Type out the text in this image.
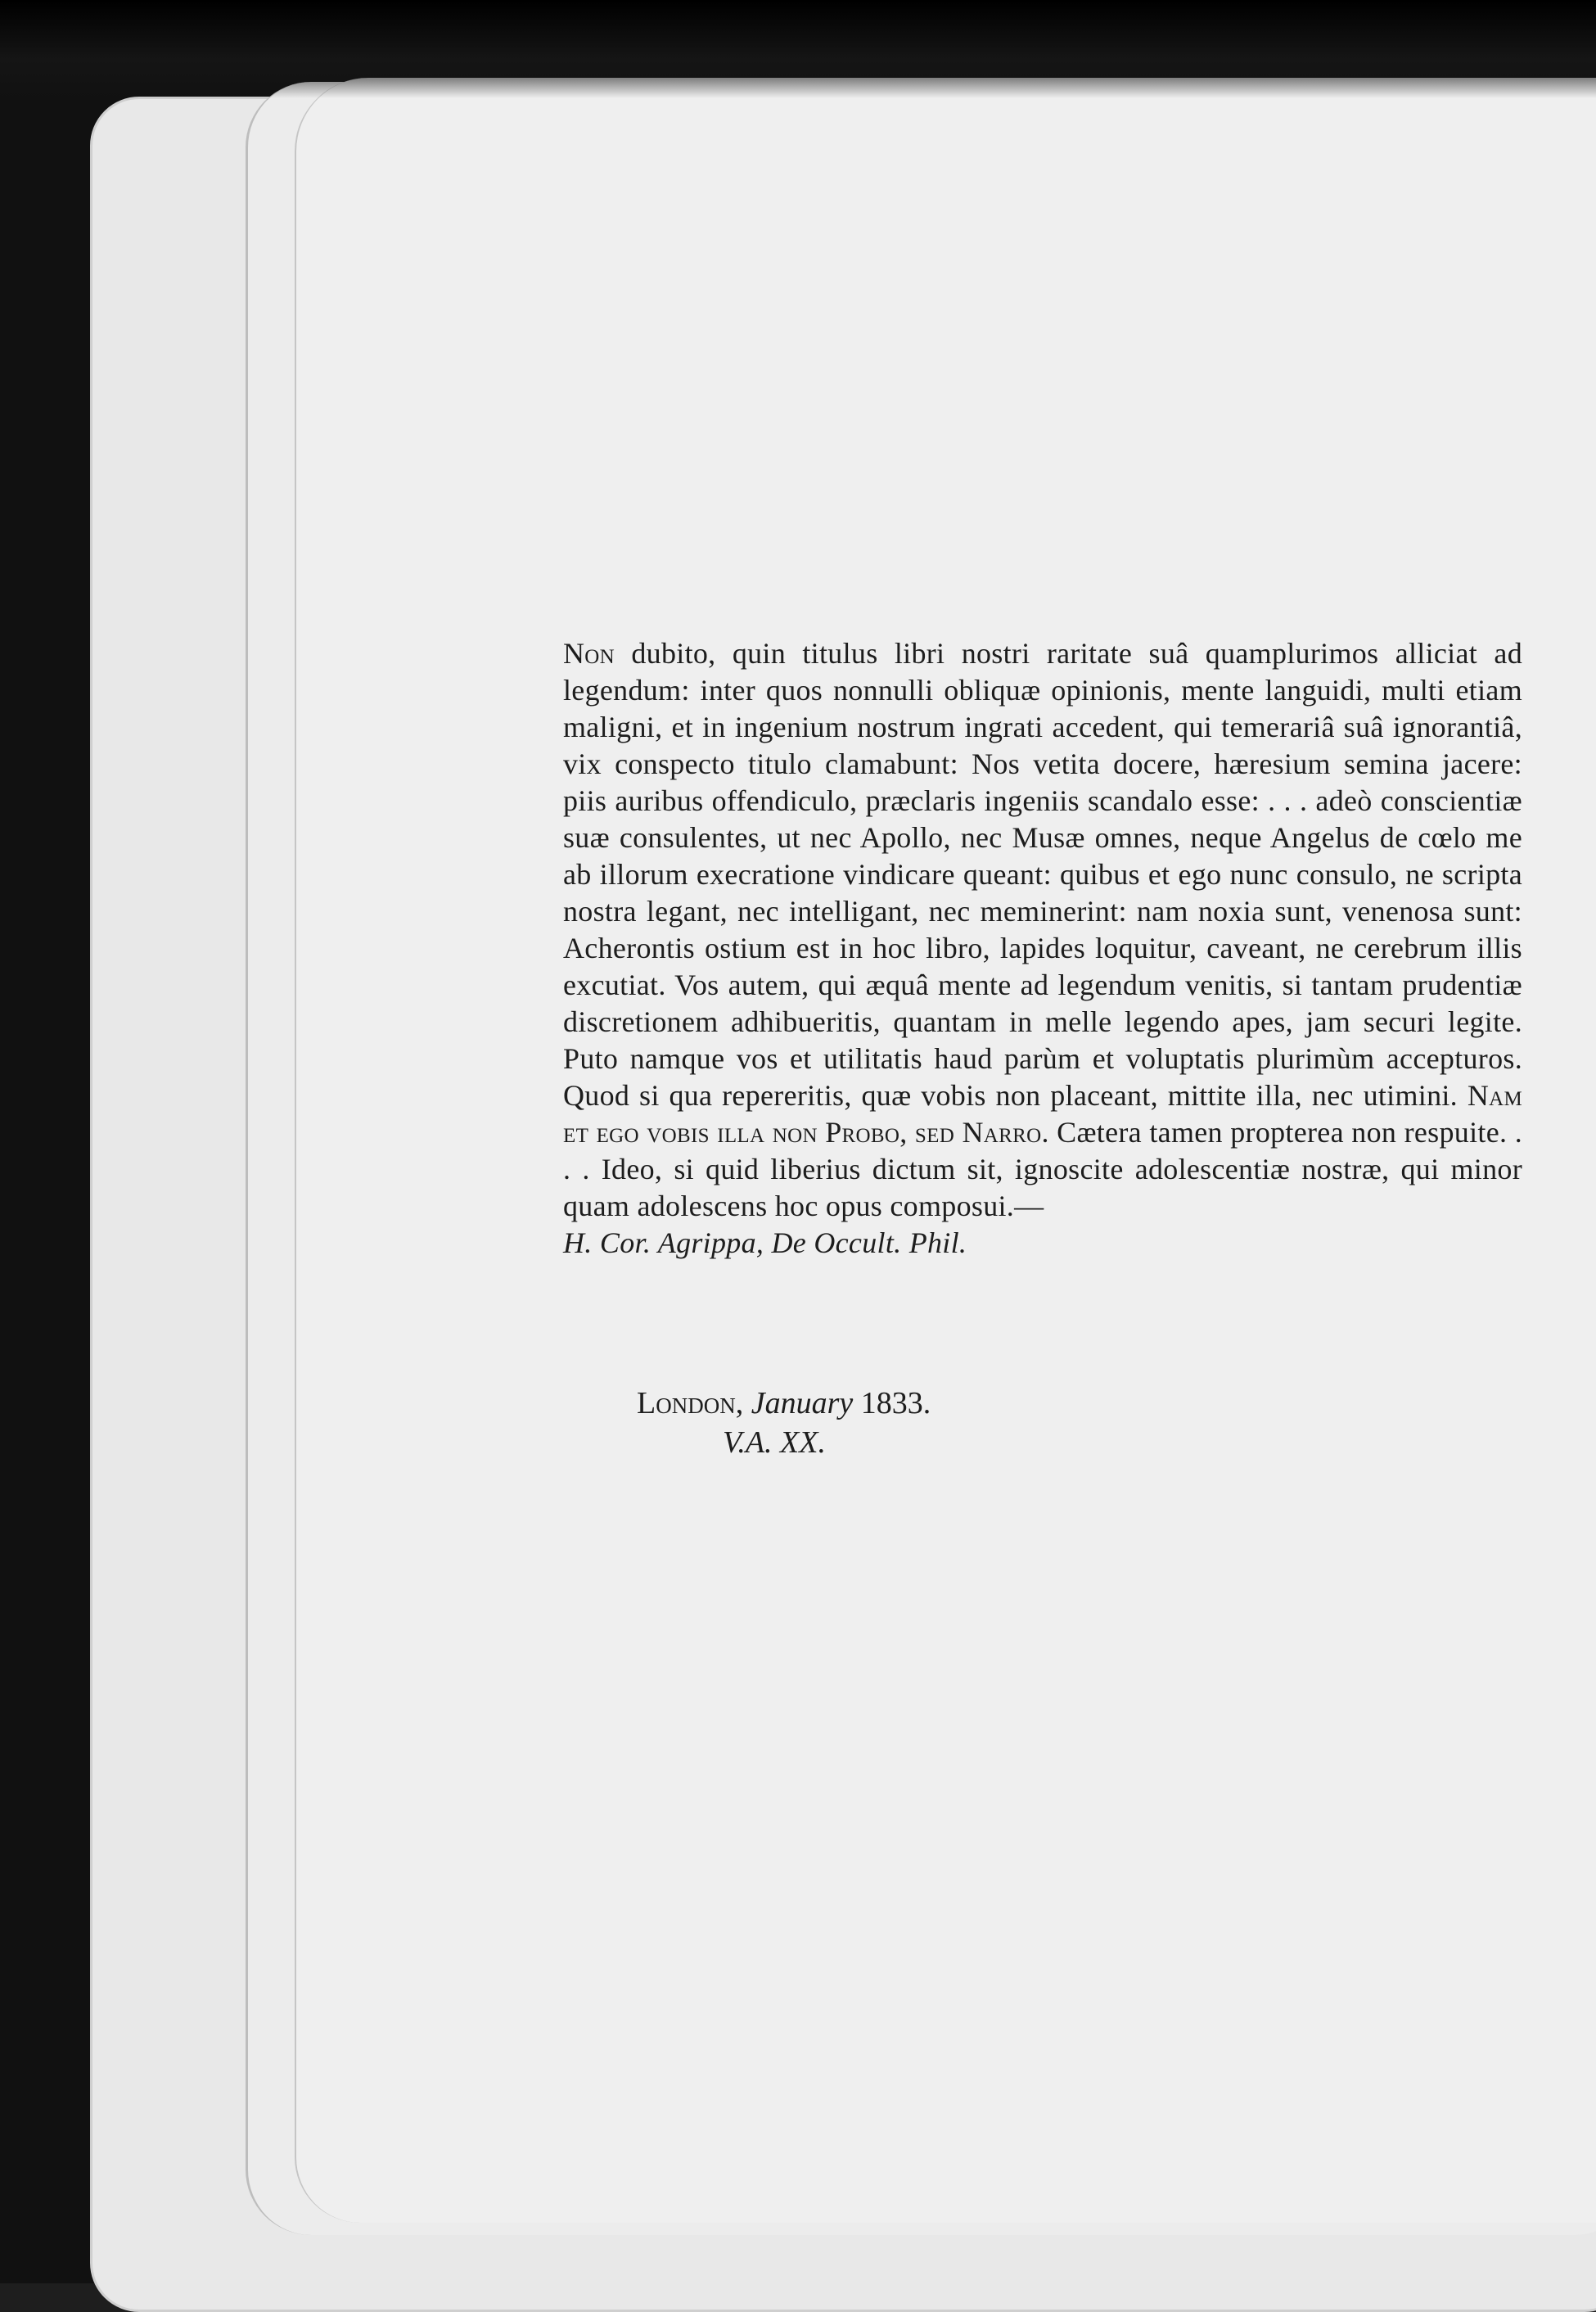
Non dubito, quin titulus libri nostri raritate suâ quamplurimos alliciat ad legendum: inter quos nonnulli obliquæ opinionis, mente languidi, multi etiam maligni, et in ingenium nostrum ingrati accedent, qui temerariâ suâ ignorantiâ, vix conspecto titulo clamabunt: Nos vetita docere, hæresium semina jacere: piis auribus offendiculo, præclaris ingeniis scandalo esse: . . . adeò conscientiæ suæ consulentes, ut nec Apollo, nec Musæ omnes, neque Angelus de cœlo me ab illorum execratione vindicare queant: quibus et ego nunc consulo, ne scripta nostra legant, nec intelligant, nec meminerint: nam noxia sunt, venenosa sunt: Acherontis ostium est in hoc libro, lapides loquitur, caveant, ne cerebrum illis excutiat. Vos autem, qui æquâ mente ad legendum venitis, si tantam prudentiæ discretionem adhibueritis, quantam in melle legendo apes, jam securi legite. Puto namque vos et utilitatis haud parùm et voluptatis plurimùm accepturos. Quod si qua repereritis, quæ vobis non placeant, mittite illa, nec utimini. Nam et ego vobis illa non Probo, sed Narro. Cætera tamen propterea non respuite. . . . Ideo, si quid liberius dictum sit, ignoscite adolescentiæ nostræ, qui minor quam adolescens hoc opus composui.—
H. Cor. Agrippa, De Occult. Phil.

London, January 1833.
V.A. XX.
